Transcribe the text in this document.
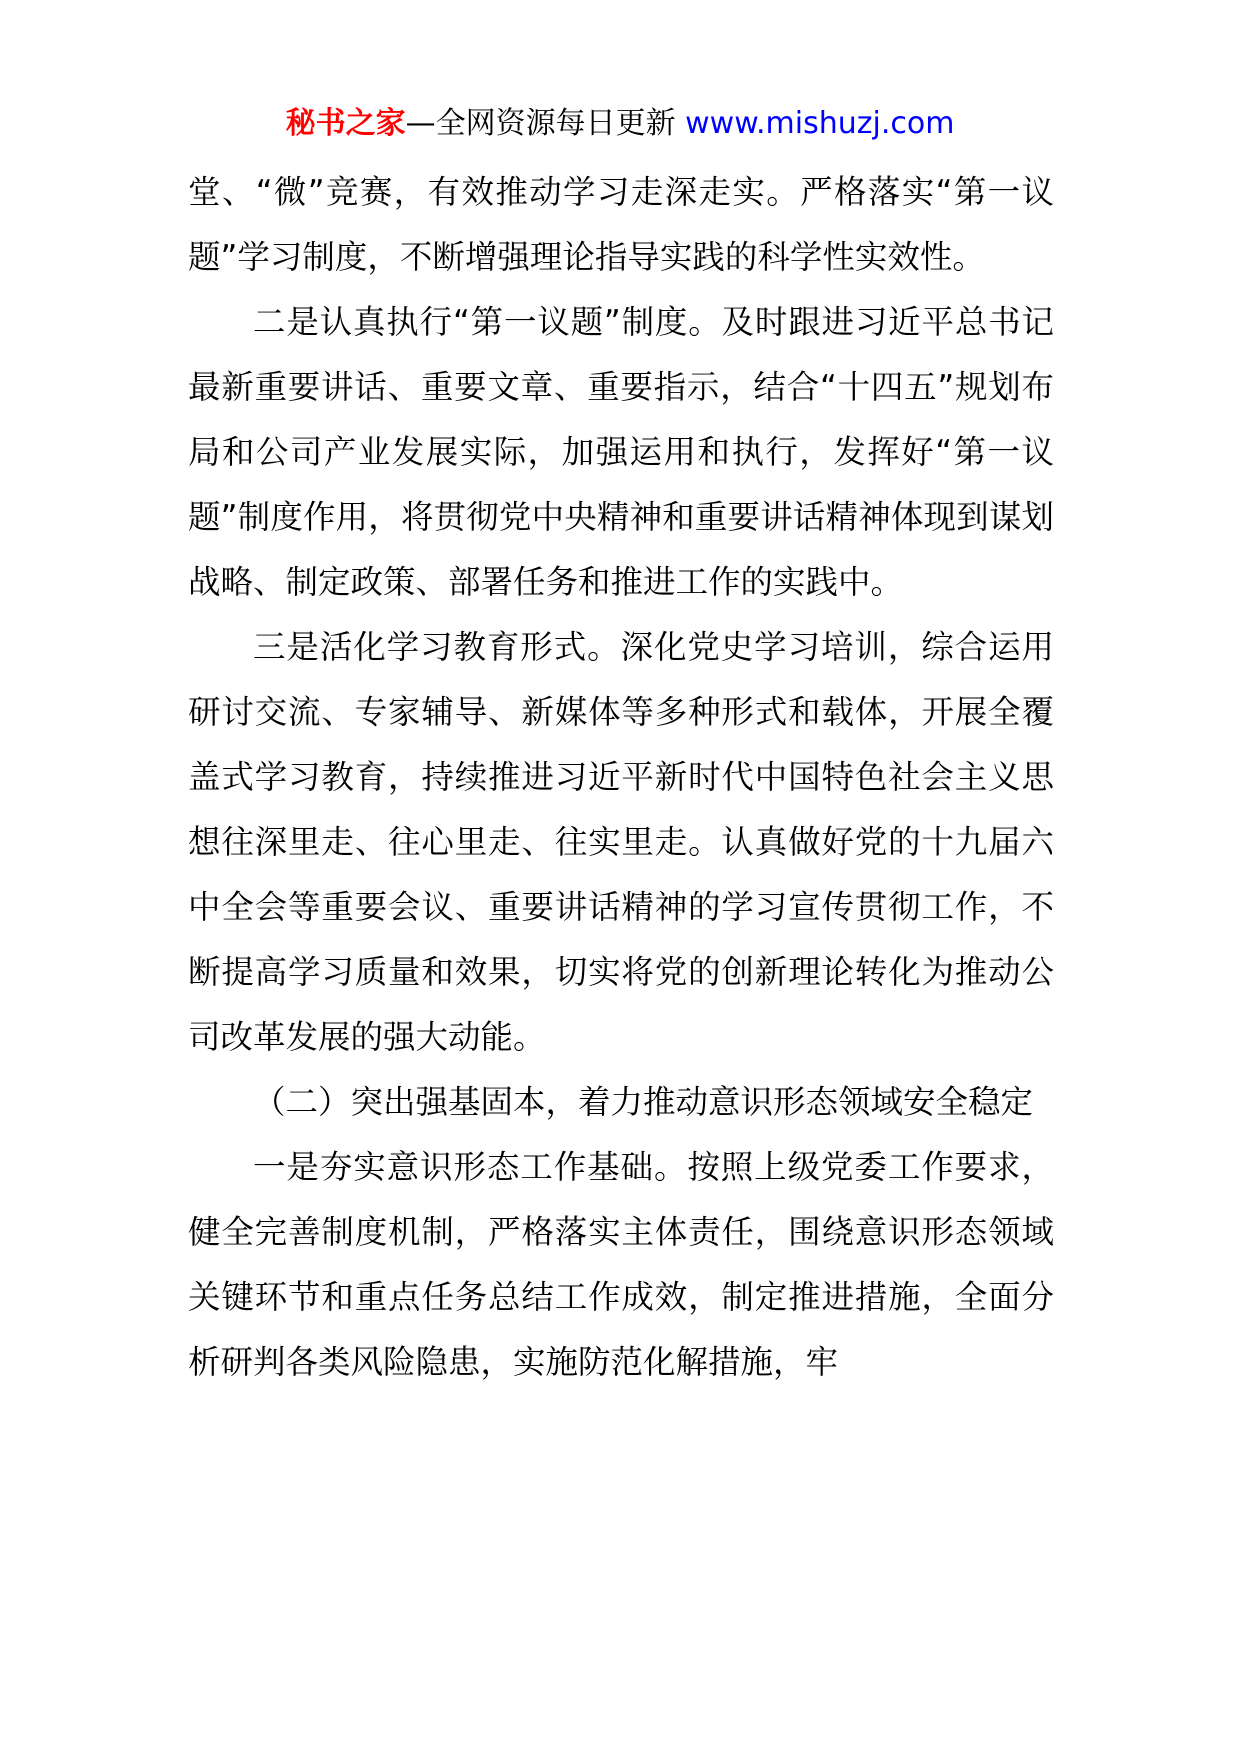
秘书之家—全网资源每日更新 www.mishuzj.com

堂、“微”竞赛，有效推动学习走深走实。严格落实“第一议题”学习制度，不断增强理论指导实践的科学性实效性。

二是认真执行“第一议题”制度。及时跟进习近平总书记最新重要讲话、重要文章、重要指示，结合“十四五”规划布局和公司产业发展实际，加强运用和执行，发挥好“第一议题”制度作用，将贯彻党中央精神和重要讲话精神体现到谋划战略、制定政策、部署任务和推进工作的实践中。

三是活化学习教育形式。深化党史学习培训，综合运用研讨交流、专家辅导、新媒体等多种形式和载体，开展全覆盖式学习教育，持续推进习近平新时代中国特色社会主义思想往深里走、往心里走、往实里走。认真做好党的十九届六中全会等重要会议、重要讲话精神的学习宣传贯彻工作，不断提高学习质量和效果，切实将党的创新理论转化为推动公司改革发展的强大动能。

（二）突出强基固本，着力推动意识形态领域安全稳定

一是夯实意识形态工作基础。按照上级党委工作要求，健全完善制度机制，严格落实主体责任，围绕意识形态领域关键环节和重点任务总结工作成效，制定推进措施，全面分析研判各类风险隐患，实施防范化解措施，牢
